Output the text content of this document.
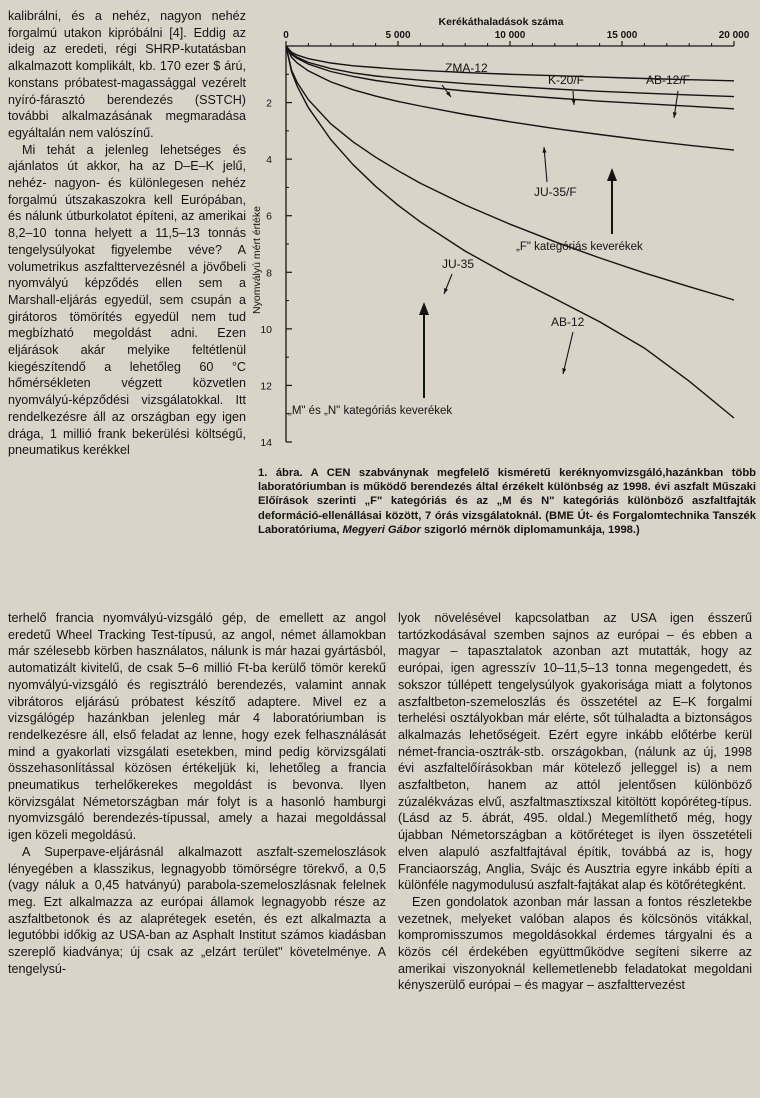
kalibrálni, és a nehéz, nagyon nehéz forgalmú utakon kipróbálni [4]. Eddig az ideig az eredeti, régi SHRP-kutatásban alkalmazott komplikált, kb. 170 ezer $ árú, konstans próbatest-magassággal vezérelt nyíró-fárasztó berendezés (SSTCH) további alkalmazásának megmaradása egyáltalán nem valószínű.

Mi tehát a jelenleg lehetséges és ajánlatos út akkor, ha az D–E–K jelű, nehéz- nagyon- és különlegesen nehéz forgalmú útszakaszokra kell Európában, és nálunk útburkolatot építeni, az amerikai 8,2–10 tonna helyett a 11,5–13 tonnás tengelysúlyokat figyelembe véve? A volumetrikus aszfalttervezésnél a jövőbeli nyomvályú képződés ellen sem a Marshall-eljárás egyedül, sem csupán a girátoros tömörítés egyedül nem tud megbízható megoldást adni. Ezen eljárások akár melyike feltétlenül kiegészítendő a lehetőleg 60 °C hőmérsékleten végzett közvetlen nyomvályú-képződési vizsgálatokkal. Itt rendelkezésre áll az országban egy igen drága, 1 millió frank bekerülési költségű, pneumatikus kerékkel

Kerékáthaladások száma
Nyomvályú mért értéke
0	5 000	10 000	15 000	20 000
2
4
6
8
10
12
14
ZMA-12
K-20/F	AB-12/F
JU-35/F
JU-35
AB-12
„F" kategóriás keverékek
„M" és „N" kategóriás keverékek
1. ábra. A CEN szabványnak megfelelő kisméretű keréknyomvizsgáló,hazánkban több laboratóriumban is működő berendezés által érzékelt különbség az 1998. évi aszfalt Műszaki Előírások szerinti „F" kategóriás és az „M és N" kategóriás különböző aszfaltfajták deformáció-ellenállásai között, 7 órás vizsgálatoknál. (BME Út- és Forgalomtechnika Tanszék Laboratóriuma, Megyeri Gábor szigorló mérnök diplomamunkája, 1998.)

terhelő francia nyomvályú-vizsgáló gép, de emellett az angol eredetű Wheel Tracking Test-típusú, az angol, német államokban már szélesebb körben használatos, nálunk is már hazai gyártásból, automatizált kivitelű, de csak 5–6 millió Ft-ba kerülő tömör kerekű nyomvályú-vizsgáló és regisztráló berendezés, valamint annak vibrátoros eljárású próbatest készítő adaptere. Mivel ez a vizsgálógép hazánkban jelenleg már 4 laboratóriumban is rendelkezésre áll, első feladat az lenne, hogy ezek felhasználását mind a gyakorlati vizsgálati esetekben, mind pedig körvizsgálati összehasonlítással közösen értékeljük ki, lehetőleg a francia pneumatikus terhelőkerekes megoldást is bevonva. Ilyen körvizsgálat Németországban már folyt is a hasonló hamburgi nyomvizsgáló berendezés-típussal, amely a hazai megoldással igen közeli megoldású.

A Superpave-eljárásnál alkalmazott aszfalt-szemeloszlások lényegében a klasszikus, legnagyobb tömörségre törekvő, a 0,5 (vagy náluk a 0,45 hatványú) parabola-szemeloszlásnak felelnek meg. Ezt alkalmazza az európai államok legnagyobb része az aszfaltbetonok és az alaprétegek esetén, és ezt alkalmazta a legutóbbi időkig az USA-ban az Asphalt Institut számos kiadásban szereplő kiadványa; új csak az „elzárt terület" követelménye. A tengelysú-

lyok növelésével kapcsolatban az USA igen ésszerű tartózkodásával szemben sajnos az európai – és ebben a magyar – tapasztalatok azonban azt mutatták, hogy az európai, igen agresszív 10–11,5–13 tonna megengedett, és sokszor túllépett tengelysúlyok gyakorisága miatt a folytonos aszfaltbeton-szemeloszlás és összetétel az E–K forgalmi terhelési osztályokban már elérte, sőt túlhaladta a biztonságos alkalmazás lehetőségeit. Ezért egyre inkább előtérbe kerül német-francia-osztrák-stb. országokban, (nálunk az új, 1998 évi aszfaltelőírásokban már kötelező jelleggel is) a nem aszfaltbeton, hanem az attól jelentősen különböző zúzalékvázas elvű, aszfaltmasztixszal kitöltött kopóréteg-típus. (Lásd az 5. ábrát, 495. oldal.) Megemlíthető még, hogy újabban Németországban a kötőréteget is ilyen összetételi elven alapuló aszfaltfajtával építik, továbbá az is, hogy Franciaország, Anglia, Svájc és Ausztria egyre inkább építi a különféle nagymodulusú aszfalt-fajtákat alap és kötőrétegként.

Ezen gondolatok azonban már lassan a fontos részletekbe vezetnek, melyeket valóban alapos és kölcsönös vitákkal, kompromisszumos megoldásokkal érdemes tárgyalni és a közös cél érdekében együttműködve segíteni sikerre az amerikai viszonyoknál kellemetlenebb feladatokat megoldani kényszerülő európai – és magyar – aszfalttervezést
